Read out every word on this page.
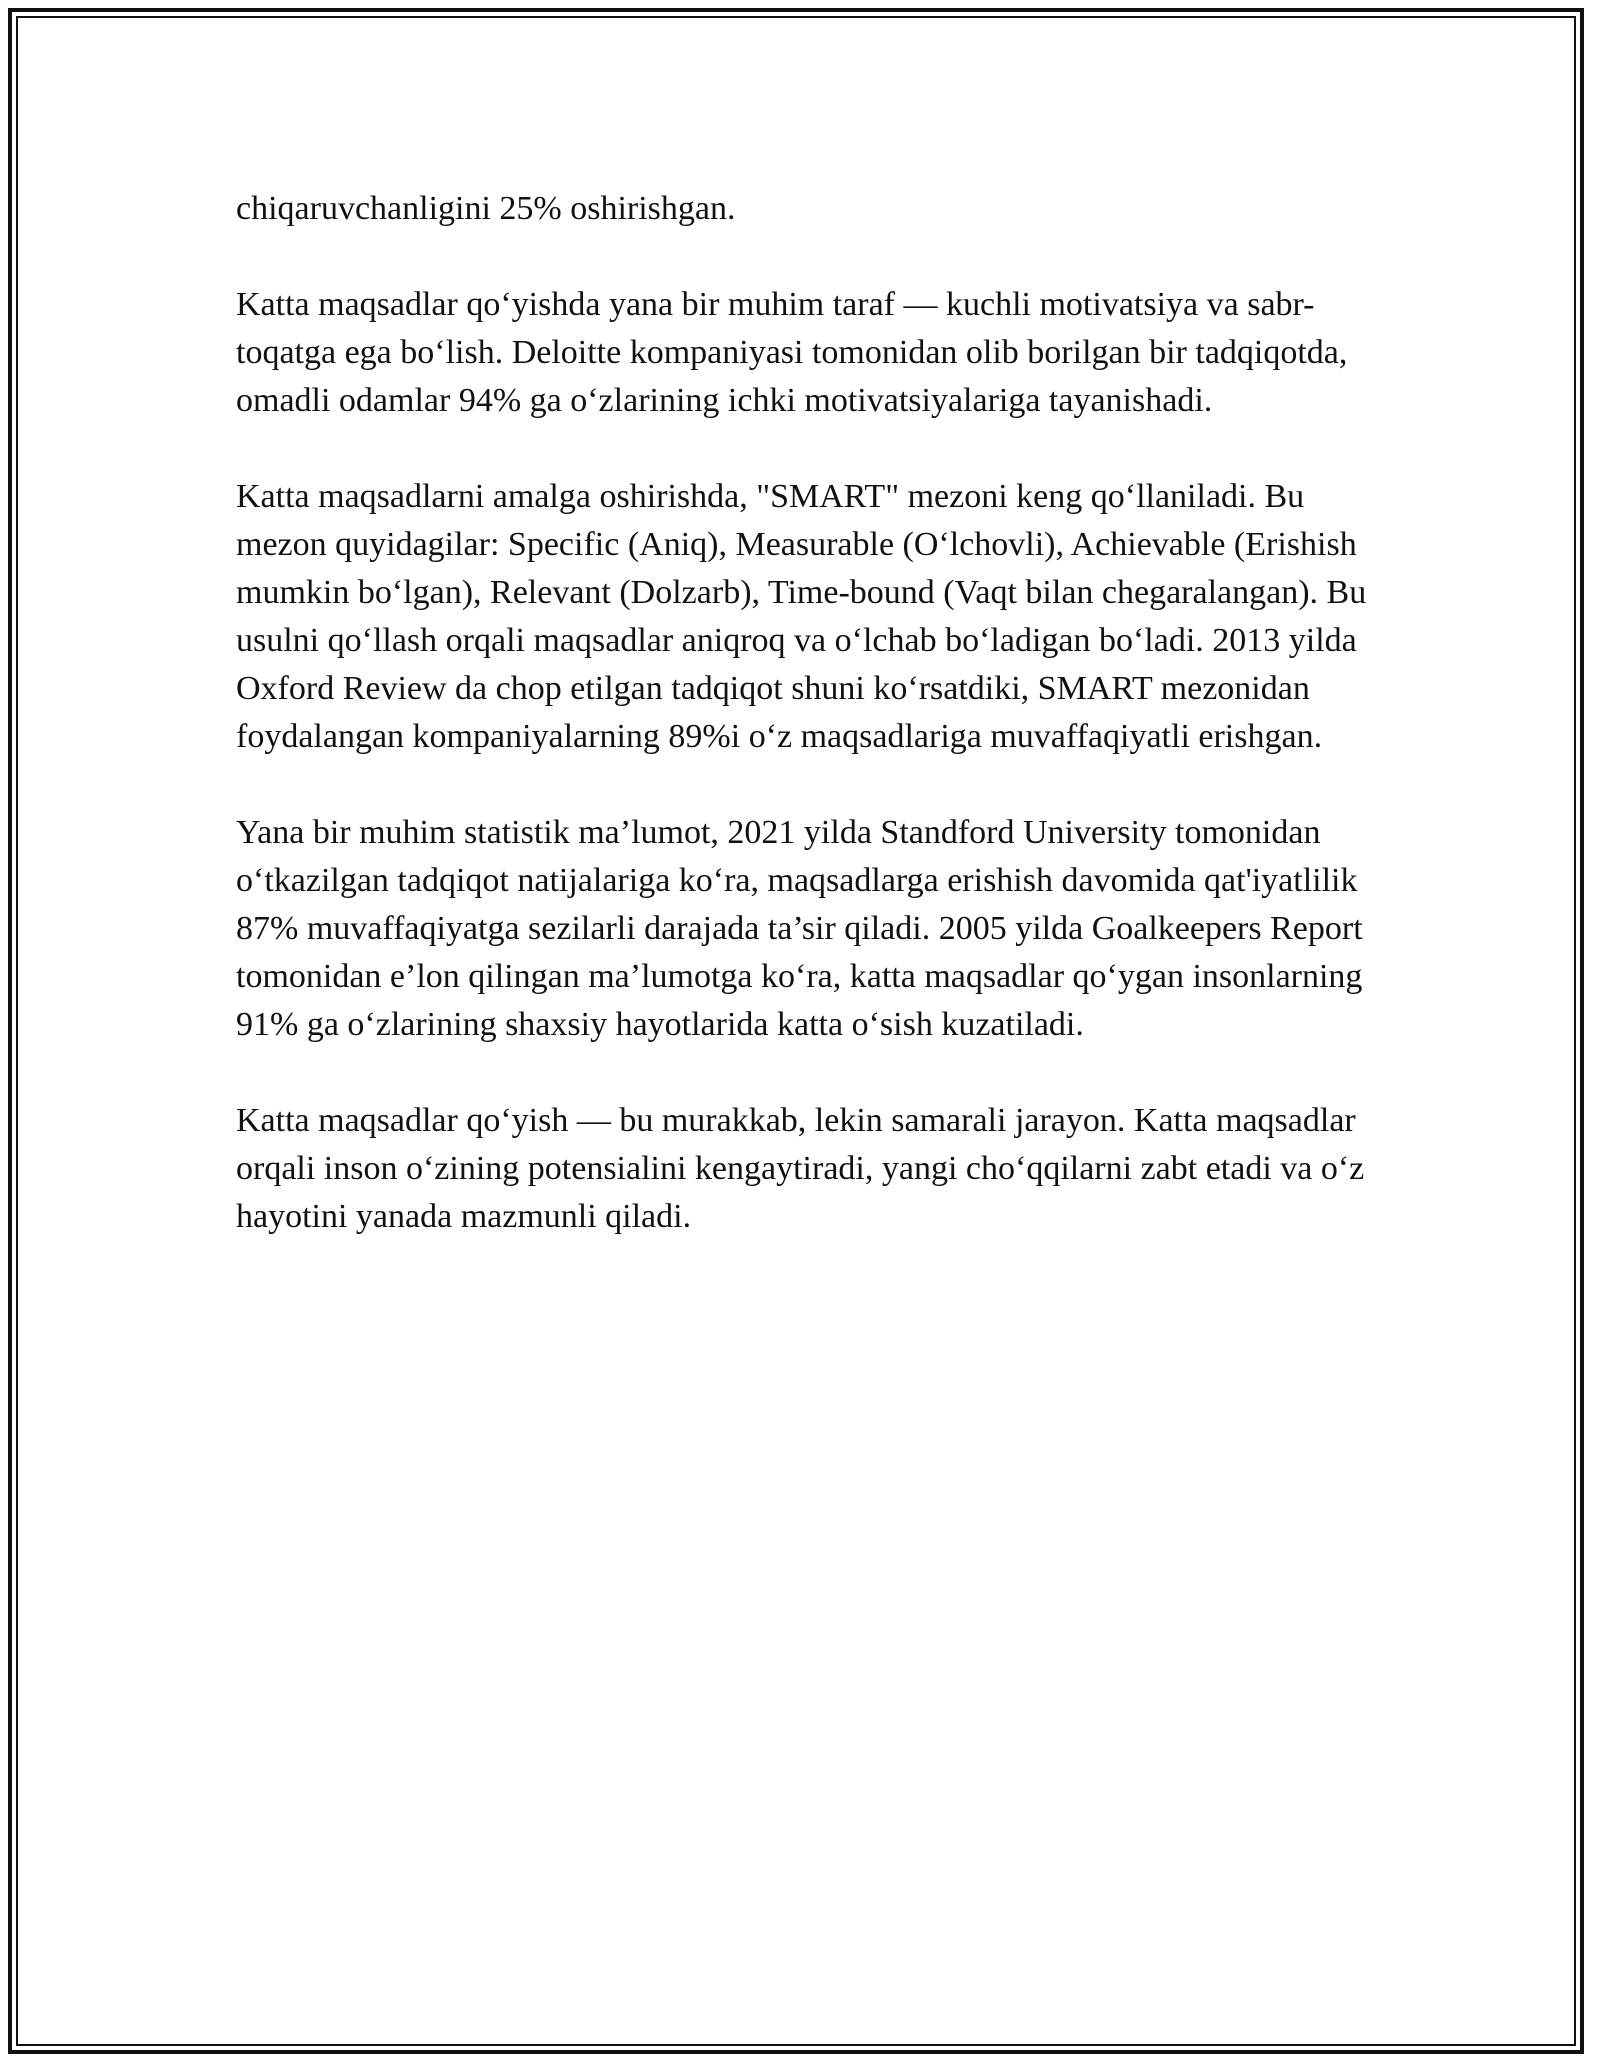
chiqaruvchanligini 25% oshirishgan.

Katta maqsadlar qo‘yishda yana bir muhim taraf — kuchli motivatsiya va sabr-toqatga ega bo‘lish. Deloitte kompaniyasi tomonidan olib borilgan bir tadqiqotda, omadli odamlar 94% ga o‘zlarining ichki motivatsiyalariga tayanishadi.

Katta maqsadlarni amalga oshirishda, "SMART" mezoni keng qo‘llaniladi. Bu mezon quyidagilar: Specific (Aniq), Measurable (O‘lchovli), Achievable (Erishish mumkin bo‘lgan), Relevant (Dolzarb), Time-bound (Vaqt bilan chegaralangan). Bu usulni qo‘llash orqali maqsadlar aniqroq va o‘lchab bo‘ladigan bo‘ladi. 2013 yilda Oxford Review da chop etilgan tadqiqot shuni ko‘rsatdiki, SMART mezonidan foydalangan kompaniyalarning 89%i o‘z maqsadlariga muvaffaqiyatli erishgan.

Yana bir muhim statistik ma’lumot, 2021 yilda Standford University tomonidan o‘tkazilgan tadqiqot natijalariga ko‘ra, maqsadlarga erishish davomida qat'iyatlilik 87% muvaffaqiyatga sezilarli darajada ta’sir qiladi. 2005 yilda Goalkeepers Report tomonidan e’lon qilingan ma’lumotga ko‘ra, katta maqsadlar qo‘ygan insonlarning 91% ga o‘zlarining shaxsiy hayotlarida katta o‘sish kuzatiladi.

Katta maqsadlar qo‘yish — bu murakkab, lekin samarali jarayon. Katta maqsadlar orqali inson o‘zining potensialini kengaytiradi, yangi cho‘qqilarni zabt etadi va o‘z hayotini yanada mazmunli qiladi.
